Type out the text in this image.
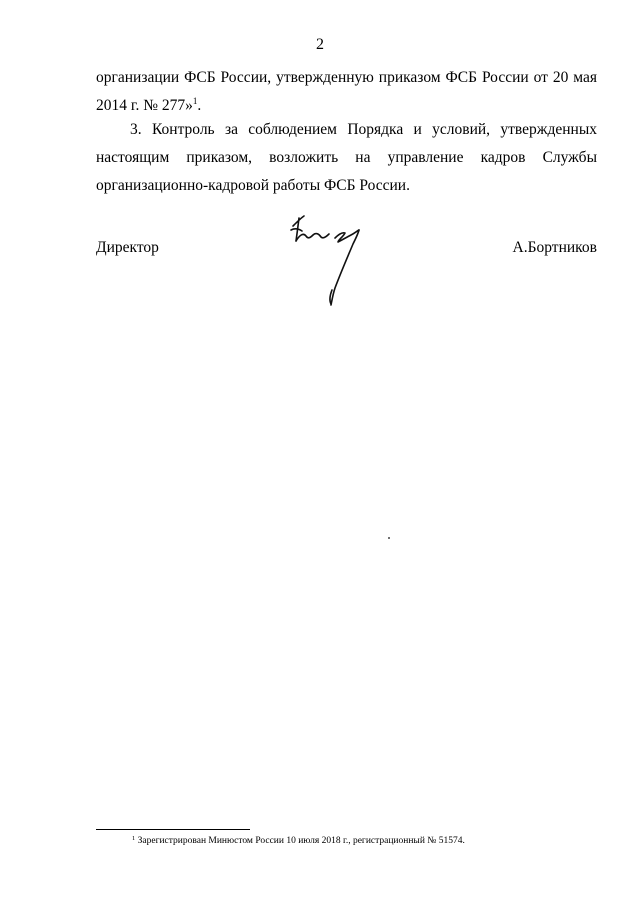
2
организации ФСБ России, утвержденную приказом ФСБ России от 20 мая 2014 г. № 277»$^1$.
3. Контроль за соблюдением Порядка и условий, утвержденных настоящим приказом, возложить на управление кадров Службы организационно-кадровой работы ФСБ России.
Директор	А.Бортников
$^1$ Зарегистрирован Минюстом России 10 июля 2018 г., регистрационный № 51574.
